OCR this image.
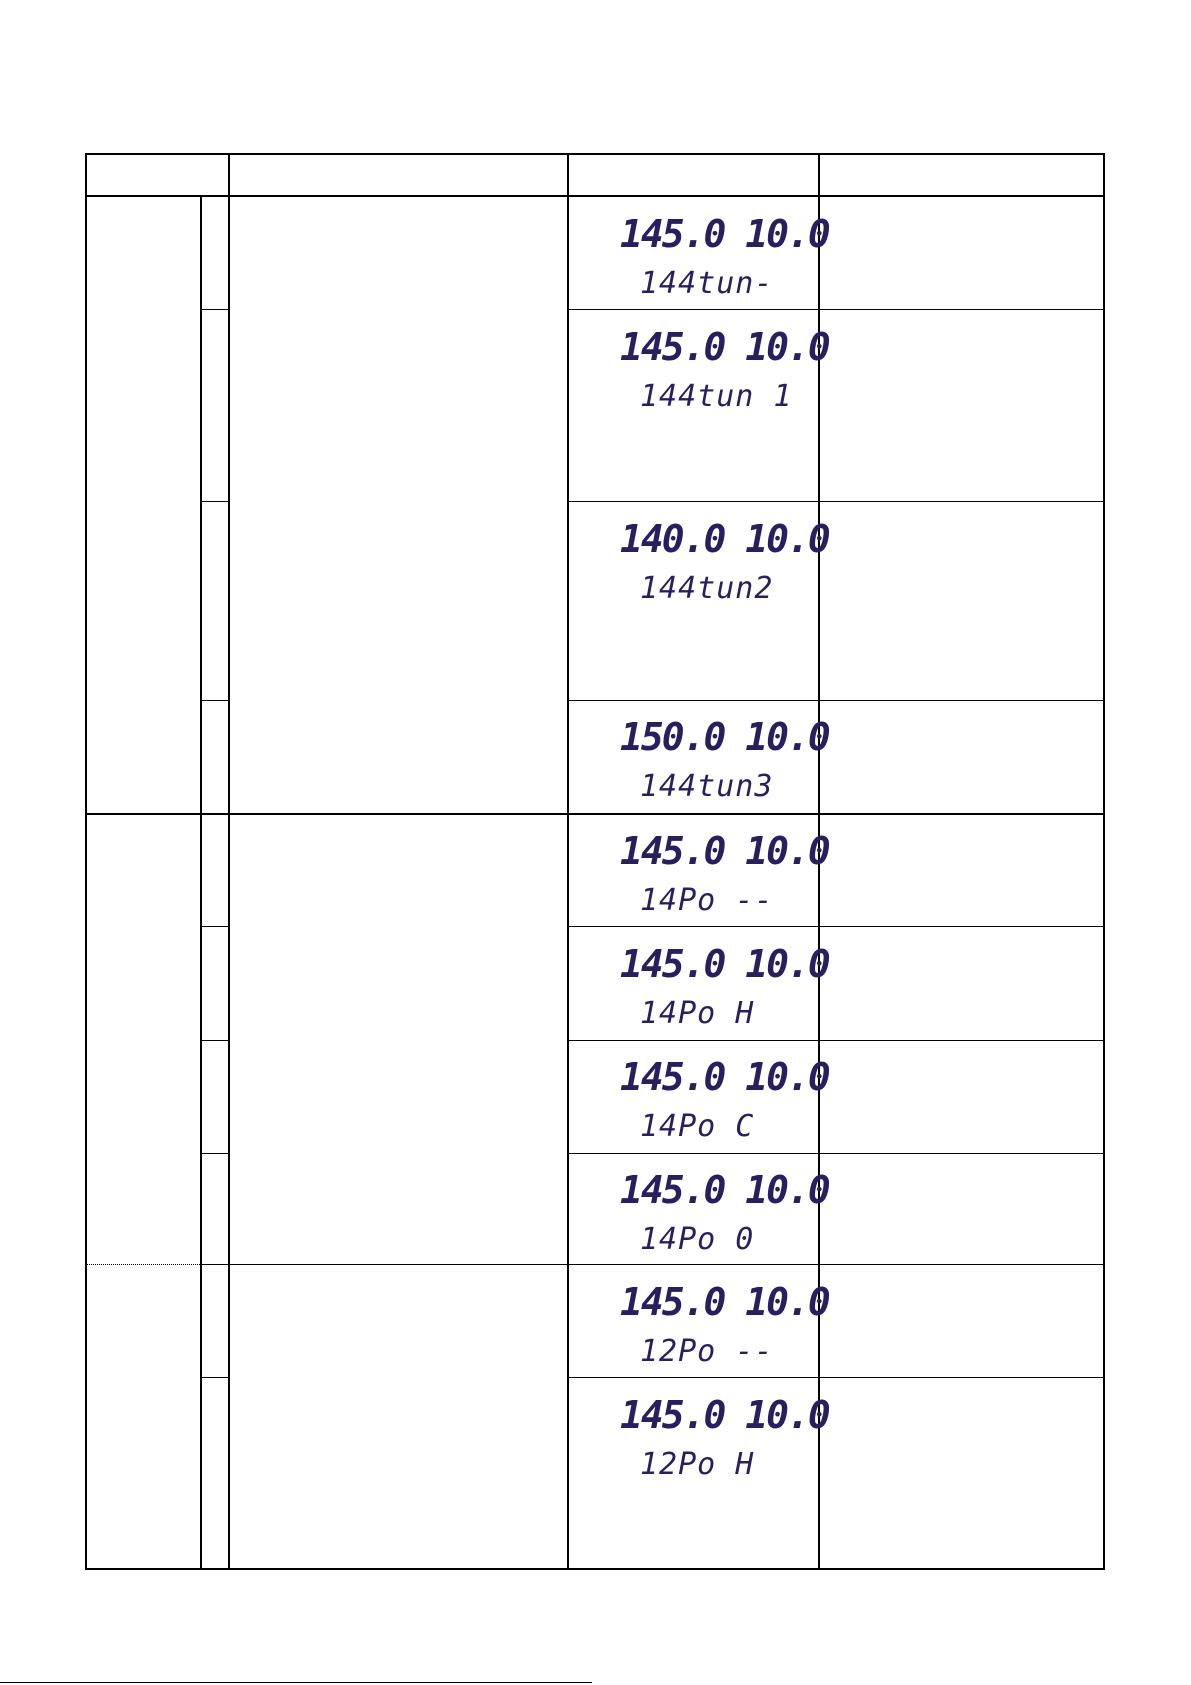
145.0 10.0

144tun-

145.0 10.0

144tun 1

140.0 10.0

144tun2

150.0 10.0

144tun3

145.0 10.0

14Po --

145.0 10.0

14Po H

145.0 10.0

14Po C

145.0 10.0

14Po 0

145.0 10.0

12Po --

145.0 10.0

12Po H
